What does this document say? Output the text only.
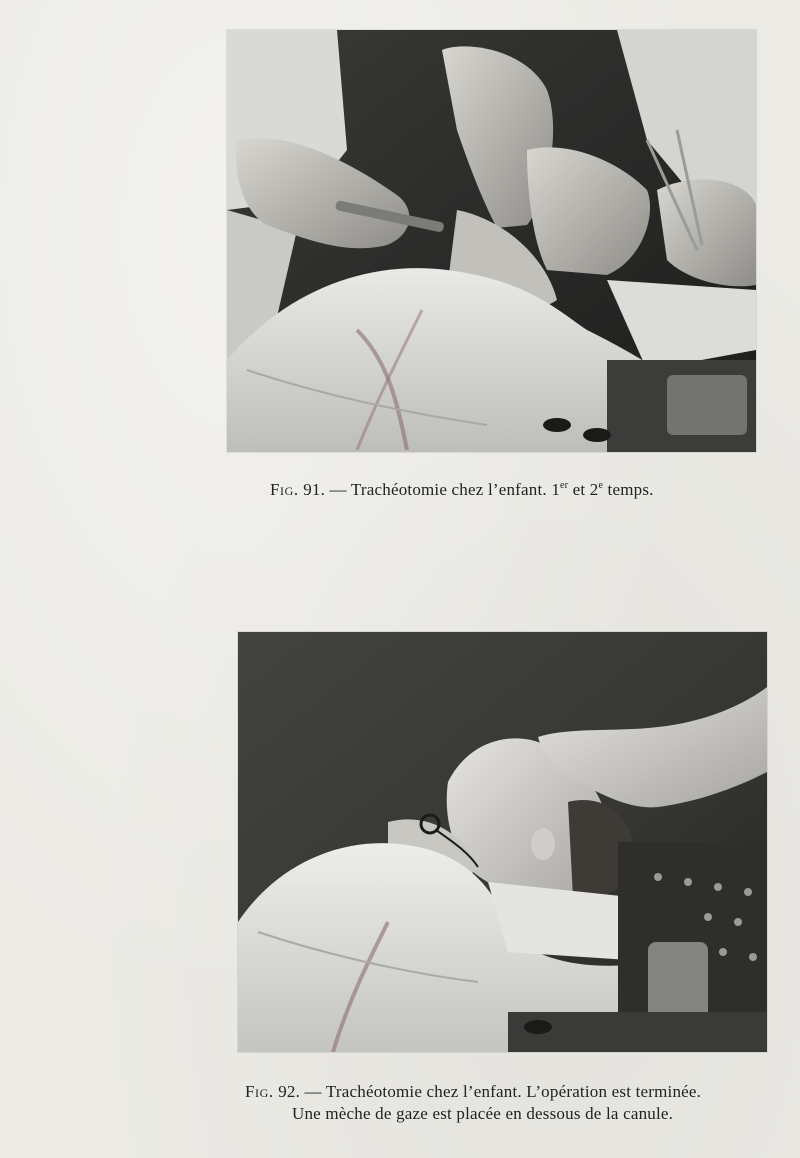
Fig. 91. — Trachéotomie chez l’enfant. 1er et 2e temps.
Fig. 92. — Trachéotomie chez l’enfant. L’opération est terminée.
Une mèche de gaze est placée en dessous de la canule.
